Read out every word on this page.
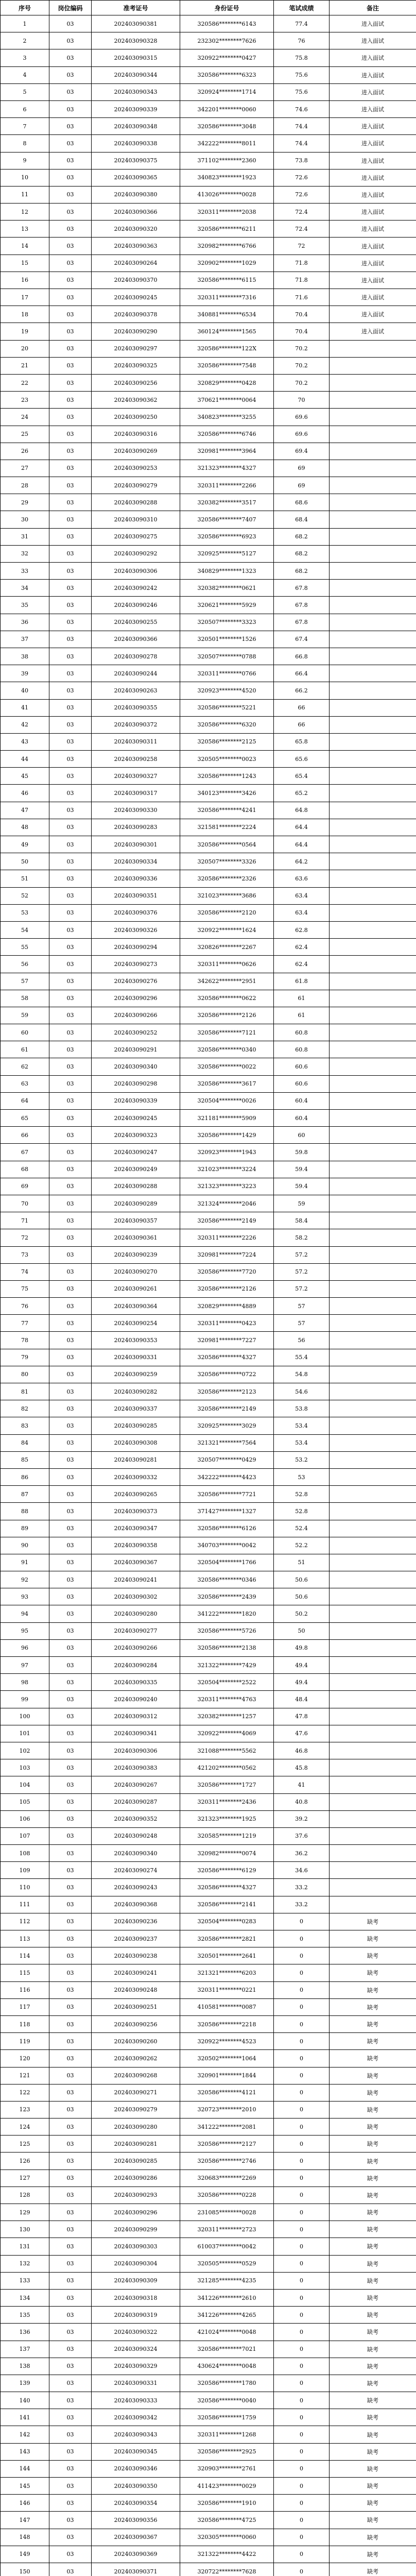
序号	岗位编码	准考证号	身份证号	笔试成绩	备注
1	03	202403090381	320586********6143	77.4	进入面试
2	03	202403090328	232302********7626	76	进入面试
3	03	202403090315	320922********0427	75.8	进入面试
4	03	202403090344	320586********6323	75.6	进入面试
5	03	202403090343	320924********1714	75.6	进入面试
6	03	202403090339	342201********0060	74.6	进入面试
7	03	202403090348	320586********3048	74.4	进入面试
8	03	202403090338	342222********8011	74.4	进入面试
9	03	202403090375	371102********2360	73.8	进入面试
10	03	202403090365	340823********1923	72.6	进入面试
11	03	202403090380	413026********0028	72.6	进入面试
12	03	202403090366	320311********2038	72.4	进入面试
13	03	202403090320	320586********6211	72.4	进入面试
14	03	202403090363	320982********6766	72	进入面试
15	03	202403090264	320902********1029	71.8	进入面试
16	03	202403090370	320586********6115	71.8	进入面试
17	03	202403090245	320311********7316	71.6	进入面试
18	03	202403090378	340881********6534	70.4	进入面试
19	03	202403090290	360124********1565	70.4	进入面试
20	03	202403090297	320586********122X	70.2	
21	03	202403090325	320586********7548	70.2	
22	03	202403090256	320829********0428	70.2	
23	03	202403090362	370621********0064	70	
24	03	202403090250	340823********3255	69.6	
25	03	202403090316	320586********6746	69.6	
26	03	202403090269	320981********3964	69.4	
27	03	202403090253	321323********4327	69	
28	03	202403090279	320311********2266	69	
29	03	202403090288	320382********3517	68.6	
30	03	202403090310	320586********7407	68.4	
31	03	202403090275	320586********6923	68.2	
32	03	202403090292	320925********5127	68.2	
33	03	202403090306	340829********1323	68.2	
34	03	202403090242	320382********0621	67.8	
35	03	202403090246	320621********5929	67.8	
36	03	202403090255	320507********3323	67.8	
37	03	202403090366	320501********1526	67.4	
38	03	202403090278	320507********0788	66.8	
39	03	202403090244	320311********0766	66.4	
40	03	202403090263	320923********4520	66.2	
41	03	202403090355	320586********5221	66	
42	03	202403090372	320586********6320	66	
43	03	202403090311	320586********2125	65.8	
44	03	202403090258	320505********0023	65.6	
45	03	202403090327	320586********1243	65.4	
46	03	202403090317	340123********3426	65.2	
47	03	202403090330	320586********4241	64.8	
48	03	202403090283	321581********2224	64.4	
49	03	202403090301	320586********0564	64.4	
50	03	202403090334	320507********3326	64.2	
51	03	202403090336	320586********2326	63.6	
52	03	202403090351	321023********3686	63.4	
53	03	202403090376	320586********2120	63.4	
54	03	202403090326	320922********1624	62.8	
55	03	202403090294	320826********2267	62.4	
56	03	202403090273	320311********0626	62.4	
57	03	202403090276	342622********2951	61.8	
58	03	202403090296	320586********0622	61	
59	03	202403090266	320586********2126	61	
60	03	202403090252	320586********7121	60.8	
61	03	202403090291	320586********0340	60.8	
62	03	202403090340	320586********0022	60.6	
63	03	202403090298	320586********3617	60.6	
64	03	202403090339	320504********0026	60.4	
65	03	202403090245	321181********5909	60.4	
66	03	202403090323	320586********1429	60	
67	03	202403090247	320923********1943	59.8	
68	03	202403090249	321023********3224	59.4	
69	03	202403090288	321323********3223	59.4	
70	03	202403090289	321324********2046	59	
71	03	202403090357	320586********2149	58.4	
72	03	202403090361	320311********2226	58.2	
73	03	202403090239	320981********7224	57.2	
74	03	202403090270	320586********7720	57.2	
75	03	202403090261	320586********2126	57.2	
76	03	202403090364	320829********4889	57	
77	03	202403090254	320311********0423	57	
78	03	202403090353	320981********7227	56	
79	03	202403090331	320586********4327	55.4	
80	03	202403090259	320586********0722	54.8	
81	03	202403090282	320586********2123	54.6	
82	03	202403090337	320586********2149	53.8	
83	03	202403090285	320925********3029	53.4	
84	03	202403090308	321321********7564	53.4	
85	03	202403090281	320507********0429	53.2	
86	03	202403090332	342222********4423	53	
87	03	202403090265	320586********7721	52.8	
88	03	202403090373	371427********1327	52.8	
89	03	202403090347	320586********6126	52.4	
90	03	202403090358	340703********0042	52.2	
91	03	202403090367	320504********1766	51	
92	03	202403090241	320586********0346	50.6	
93	03	202403090302	320586********2439	50.6	
94	03	202403090280	341222********1820	50.2	
95	03	202403090277	320586********5726	50	
96	03	202403090266	320586********2138	49.8	
97	03	202403090284	321322********7429	49.4	
98	03	202403090335	320504********2522	49.4	
99	03	202403090240	320311********4763	48.4	
100	03	202403090312	320382********1257	47.8	
101	03	202403090341	320922********4069	47.6	
102	03	202403090306	321088********5562	46.8	
103	03	202403090383	421202********0562	45.8	
104	03	202403090267	320586********1727	41	
105	03	202403090287	320311********2436	40.8	
106	03	202403090352	321323********1925	39.2	
107	03	202403090248	320585********1219	37.6	
108	03	202403090340	320982********0074	36.2	
109	03	202403090274	320586********6129	34.6	
110	03	202403090243	320586********4327	33.2	
111	03	202403090368	320586********2141	33.2	
112	03	202403090236	320504********0283	0	缺考
113	03	202403090237	320586********2821	0	缺考
114	03	202403090238	320501********2641	0	缺考
115	03	202403090241	321321********6203	0	缺考
116	03	202403090248	320311********0221	0	缺考
117	03	202403090251	410581********0087	0	缺考
118	03	202403090256	320586********2218	0	缺考
119	03	202403090260	320922********4523	0	缺考
120	03	202403090262	320502********1064	0	缺考
121	03	202403090268	320901********1844	0	缺考
122	03	202403090271	320586********4121	0	缺考
123	03	202403090279	320723********2010	0	缺考
124	03	202403090280	341222********2081	0	缺考
125	03	202403090281	320586********2127	0	缺考
126	03	202403090285	320586********2746	0	缺考
127	03	202403090286	320683********2269	0	缺考
128	03	202403090293	320586********0228	0	缺考
129	03	202403090296	231085********0028	0	缺考
130	03	202403090299	320311********2723	0	缺考
131	03	202403090303	610037********0042	0	缺考
132	03	202403090304	320505********0529	0	缺考
133	03	202403090309	321285********4235	0	缺考
134	03	202403090318	341226********2610	0	缺考
135	03	202403090319	341226********4265	0	缺考
136	03	202403090322	421024********0048	0	缺考
137	03	202403090324	320586********7021	0	缺考
138	03	202403090329	430624********0048	0	缺考
139	03	202403090331	320586********1780	0	缺考
140	03	202403090333	320586********0040	0	缺考
141	03	202403090342	320586********1759	0	缺考
142	03	202403090343	320311********1268	0	缺考
143	03	202403090345	320586********2925	0	缺考
144	03	202403090346	320903********2761	0	缺考
145	03	202403090350	411423********0029	0	缺考
146	03	202403090354	320586********1910	0	缺考
147	03	202403090356	320586********4725	0	缺考
148	03	202403090367	320305********0060	0	缺考
149	03	202403090369	321322********4422	0	缺考
150	03	202403090371	320722********7628	0	缺考
